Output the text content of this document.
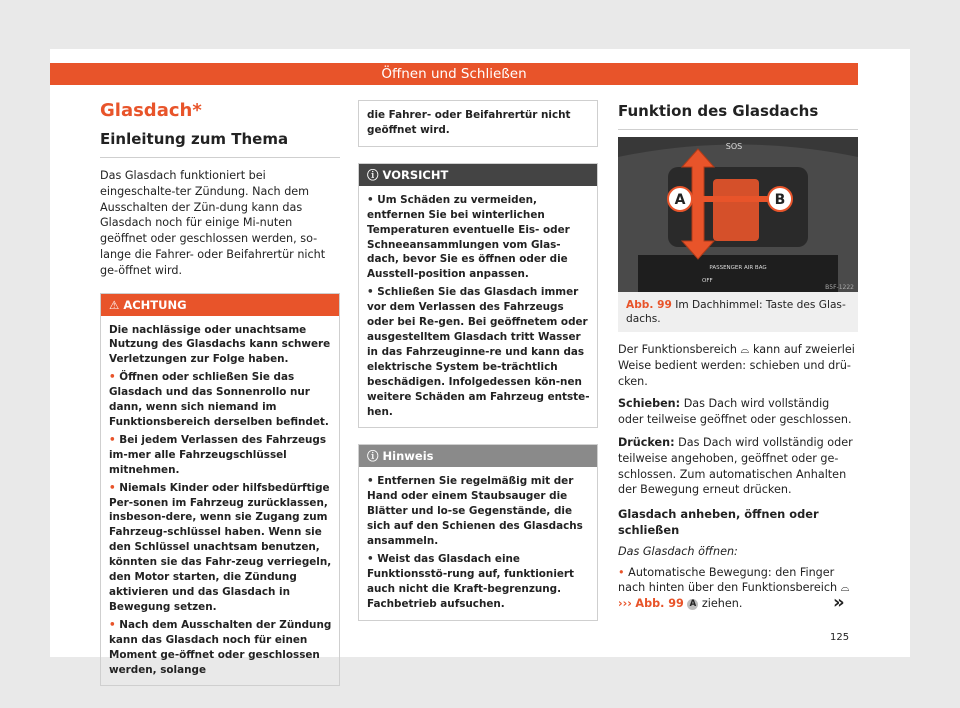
Öffnen und Schließen
Glasdach*
Einleitung zum Thema

Das Glasdach funktioniert bei eingeschalte-ter Zündung. Nach dem Ausschalten der Zün-dung kann das Glasdach noch für einige Mi-nuten geöffnet oder geschlossen werden, so-lange die Fahrer- oder Beifahrertür nicht ge-öffnet wird.

⚠ ACHTUNG

Die nachlässige oder unachtsame Nutzung des Glasdachs kann schwere Verletzungen zur Folge haben.

• Öffnen oder schließen Sie das Glasdach und das Sonnenrollo nur dann, wenn sich niemand im Funktionsbereich derselben befindet.

• Bei jedem Verlassen des Fahrzeugs im-mer alle Fahrzeugschlüssel mitnehmen.

• Niemals Kinder oder hilfsbedürftige Per-sonen im Fahrzeug zurücklassen, insbeson-dere, wenn sie Zugang zum Fahrzeug-schlüssel haben. Wenn sie den Schlüssel unachtsam benutzen, könnten sie das Fahr-zeug verriegeln, den Motor starten, die Zündung aktivieren und das Glasdach in Bewegung setzen.

• Nach dem Ausschalten der Zündung kann das Glasdach noch für einen Moment ge-öffnet oder geschlossen werden, solange

die Fahrer- oder Beifahrertür nicht geöffnet wird.

ⓘ VORSICHT

• Um Schäden zu vermeiden, entfernen Sie bei winterlichen Temperaturen eventuelle Eis- oder Schneeansammlungen vom Glas-dach, bevor Sie es öffnen oder die Ausstell-position anpassen.

• Schließen Sie das Glasdach immer vor dem Verlassen des Fahrzeugs oder bei Re-gen. Bei geöffnetem oder ausgestelltem Glasdach tritt Wasser in das Fahrzeuginne-re und kann das elektrische System be-trächtlich beschädigen. Infolgedessen kön-nen weitere Schäden am Fahrzeug entste-hen.

ⓘ Hinweis

• Entfernen Sie regelmäßig mit der Hand oder einem Staubsauger die Blätter und lo-se Gegenstände, die sich auf den Schienen des Glasdachs ansammeln.

• Weist das Glasdach eine Funktionsstö-rung auf, funktioniert auch nicht die Kraft-begrenzung. Fachbetrieb aufsuchen.

Funktion des Glasdachs
A	B
SOS
PASSENGER AIR BAG
OFF
B5F-1222
Abb. 99 Im Dachhimmel: Taste des Glas-dachs.

Der Funktionsbereich ⌓ kann auf zweierlei Weise bedient werden: schieben und drü-cken.

Schieben: Das Dach wird vollständig oder teilweise geöffnet oder geschlossen.

Drücken: Das Dach wird vollständig oder teilweise angehoben, geöffnet oder ge-schlossen. Zum automatischen Anhalten der Bewegung erneut drücken.

Glasdach anheben, öffnen oder schließen

Das Glasdach öffnen:

• Automatische Bewegung: den Finger nach hinten über den Funktionsbereich ⌓
››› Abb. 99 A ziehen.	»
125
